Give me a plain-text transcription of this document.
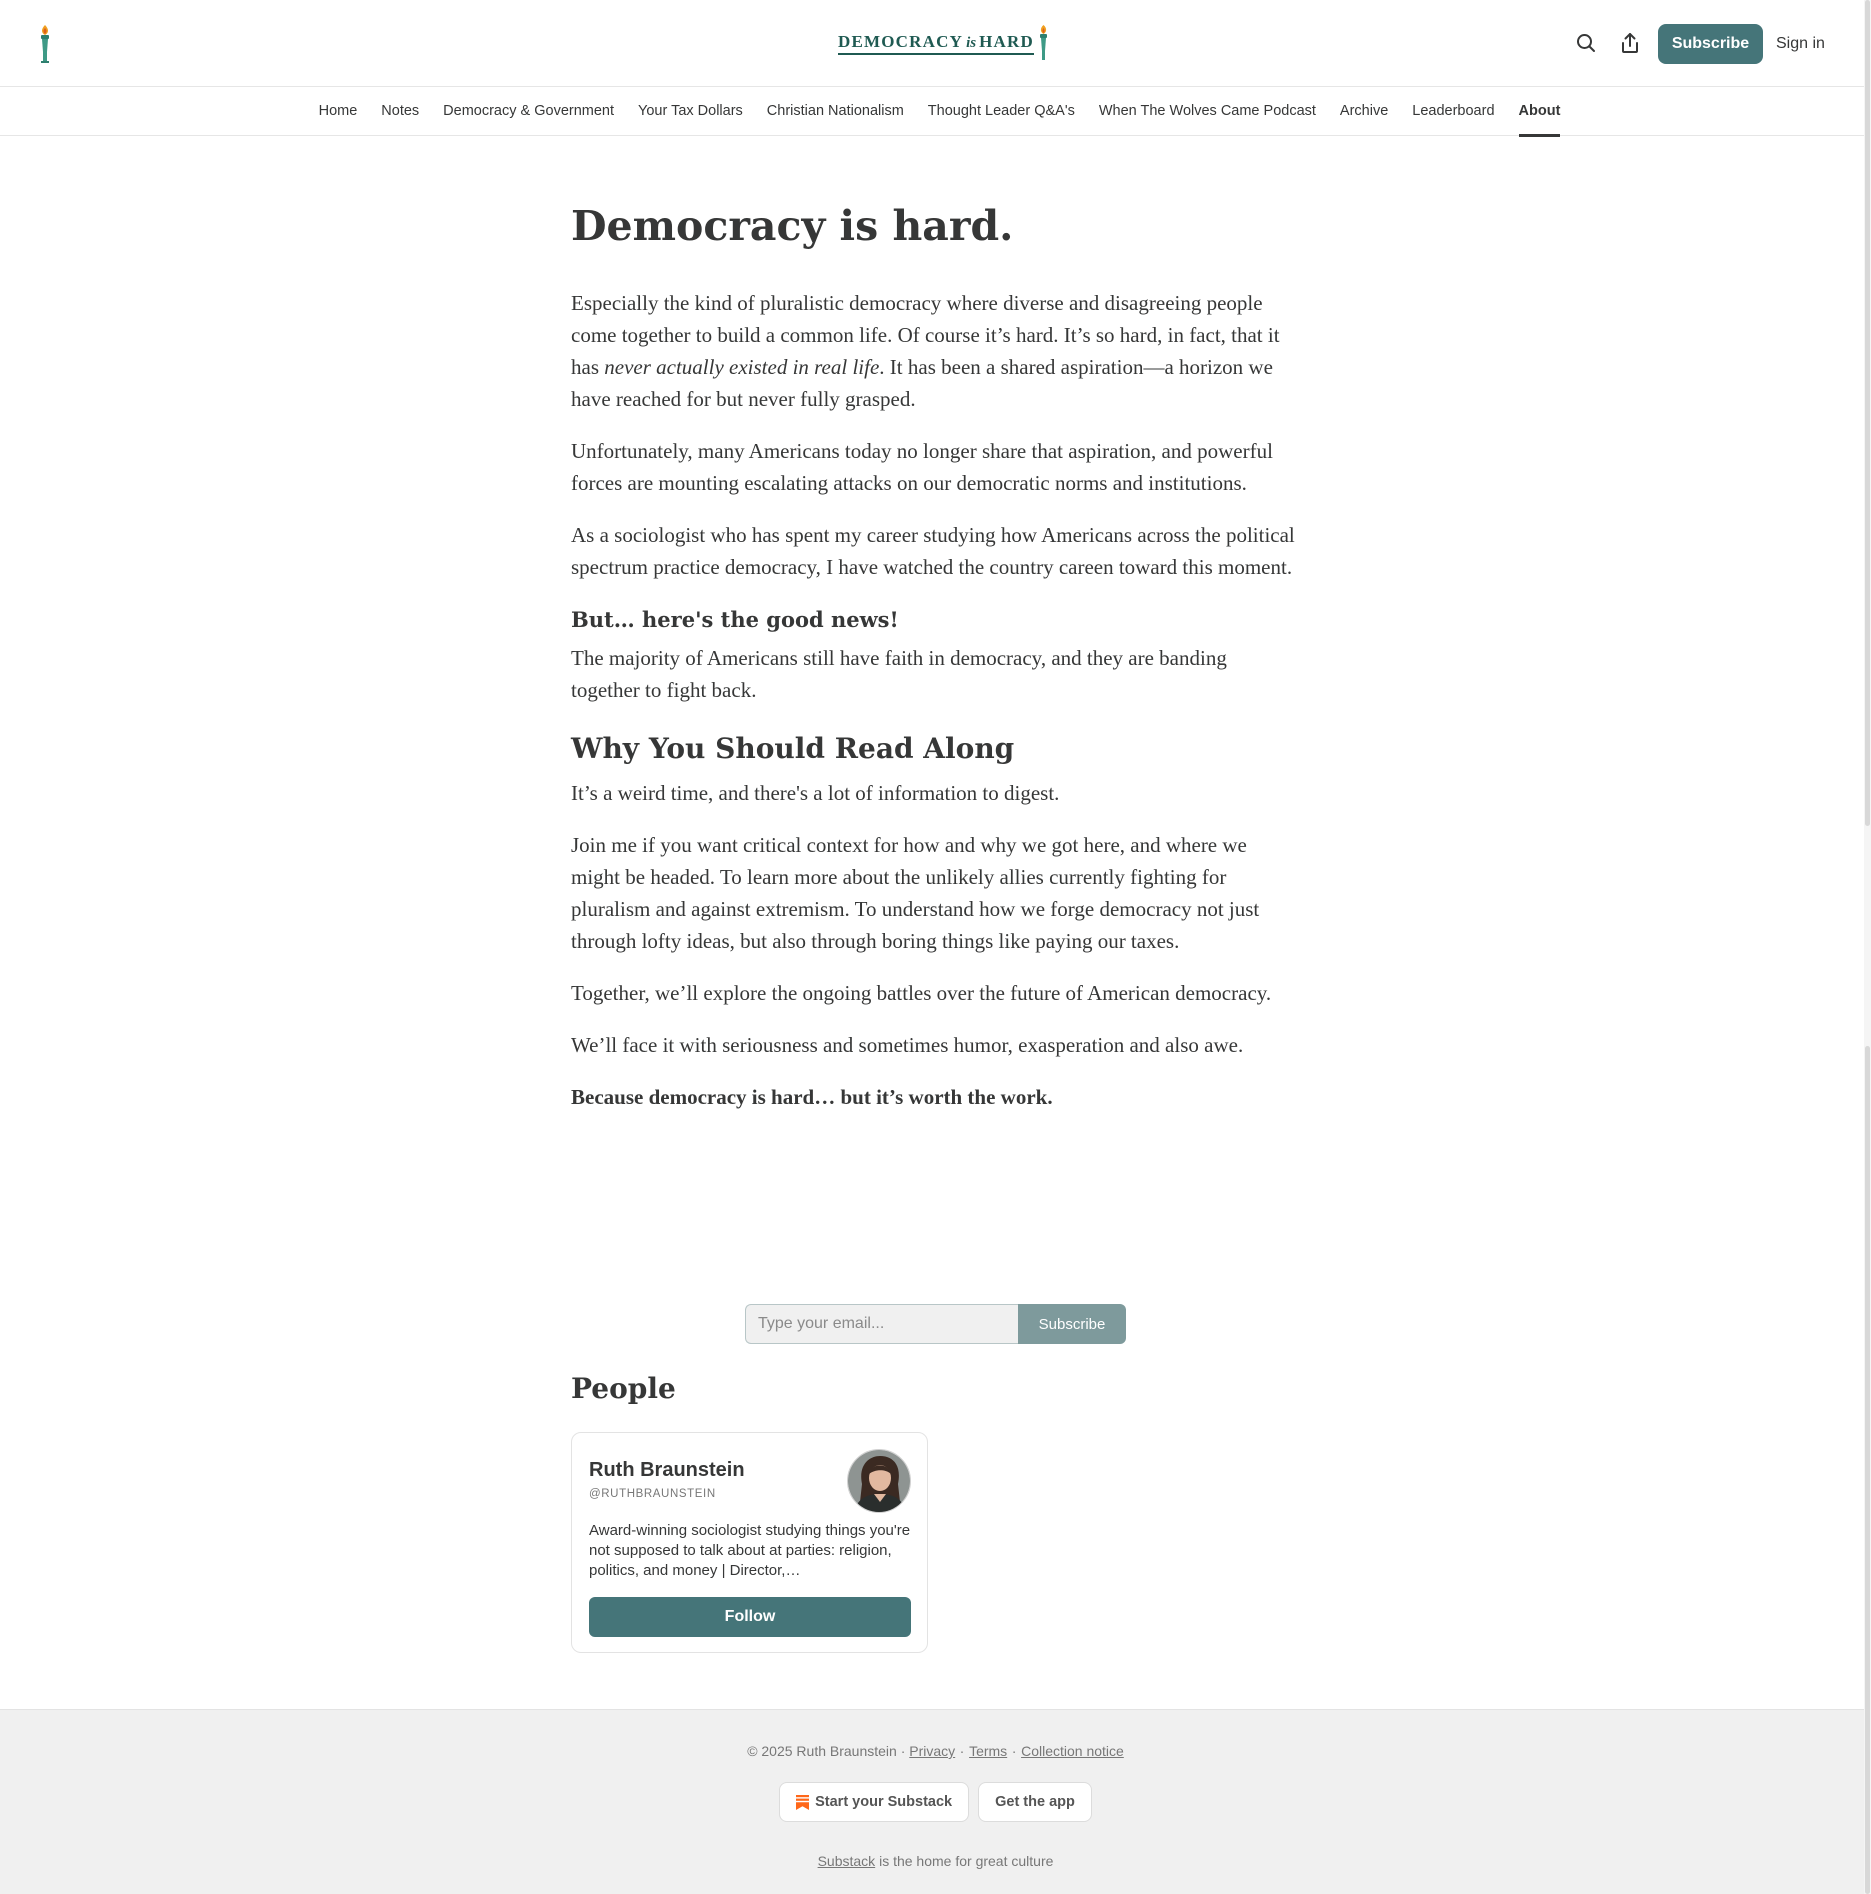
DEMOCRACY is HARD	Subscribe	Sign in
Home	Notes	Democracy & Government	Your Tax Dollars	Christian Nationalism	Thought Leader Q&A's	When The Wolves Came Podcast	Archive	Leaderboard	About
Democracy is hard.

Especially the kind of pluralistic democracy where diverse and disagreeing people come together to build a common life. Of course it’s hard. It’s so hard, in fact, that it has never actually existed in real life. It has been a shared aspiration—a horizon we have reached for but never fully grasped.

Unfortunately, many Americans today no longer share that aspiration, and powerful forces are mounting escalating attacks on our democratic norms and institutions.

As a sociologist who has spent my career studying how Americans across the political spectrum practice democracy, I have watched the country careen toward this moment.

But… here's the good news!

The majority of Americans still have faith in democracy, and they are banding together to fight back.

Why You Should Read Along

It’s a weird time, and there's a lot of information to digest.

Join me if you want critical context for how and why we got here, and where we might be headed. To learn more about the unlikely allies currently fighting for pluralism and against extremism. To understand how we forge democracy not just through lofty ideas, but also through boring things like paying our taxes.

Together, we’ll explore the ongoing battles over the future of American democracy.

We’ll face it with seriousness and sometimes humor, exasperation and also awe.

Because democracy is hard… but it’s worth the work.

Type your email...
Subscribe
People
Ruth Braunstein
@RUTHBRAUNSTEIN
Award-winning sociologist studying things you're not supposed to talk about at parties: religion, politics, and money | Director,…
Follow
© 2025 Ruth Braunstein · Privacy ∙ Terms ∙ Collection notice
Start your Substack	Get the app
Substack is the home for great culture
